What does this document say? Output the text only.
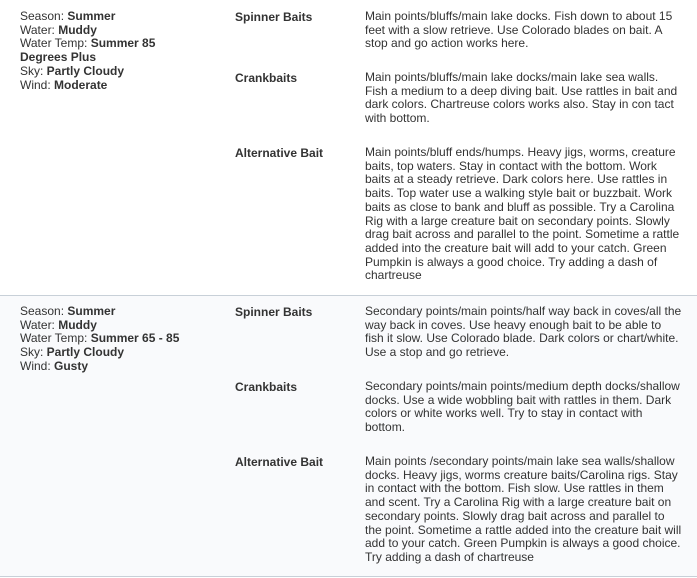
Season: Summer
Water: Muddy
Water Temp: Summer 85 Degrees Plus
Sky: Partly Cloudy
Wind: Moderate
Spinner Baits	Main points/bluffs/main lake docks. Fish down to about 15 feet with a slow retrieve. Use Colorado blades on bait. A stop and go action works here.
Crankbaits	Main points/bluffs/main lake docks/main lake sea walls. Fish a medium to a deep diving bait. Use rattles in bait and dark colors. Chartreuse colors works also. Stay in con tact with bottom.
Alternative Bait	Main points/bluff ends/humps. Heavy jigs, worms, creature baits, top waters. Stay in contact with the bottom. Work baits at a steady retrieve. Dark colors here. Use rattles in baits. Top water use a walking style bait or buzzbait. Work baits as close to bank and bluff as possible. Try a Carolina Rig with a large creature bait on secondary points. Slowly drag bait across and parallel to the point. Sometime a rattle added into the creature bait will add to your catch. Green Pumpkin is always a good choice. Try adding a dash of chartreuse
Season: Summer
Water: Muddy
Water Temp: Summer 65 - 85
Sky: Partly Cloudy
Wind: Gusty
Spinner Baits	Secondary points/main points/half way back in coves/all the way back in coves. Use heavy enough bait to be able to fish it slow. Use Colorado blade. Dark colors or chart/white. Use a stop and go retrieve.
Crankbaits	Secondary points/main points/medium depth docks/shallow docks. Use a wide wobbling bait with rattles in them. Dark colors or white works well. Try to stay in contact with bottom.
Alternative Bait	Main points /secondary points/main lake sea walls/shallow docks. Heavy jigs, worms creature baits/Carolina rigs. Stay in contact with the bottom. Fish slow. Use rattles in them and scent. Try a Carolina Rig with a large creature bait on secondary points. Slowly drag bait across and parallel to the point. Sometime a rattle added into the creature bait will add to your catch. Green Pumpkin is always a good choice. Try adding a dash of chartreuse
